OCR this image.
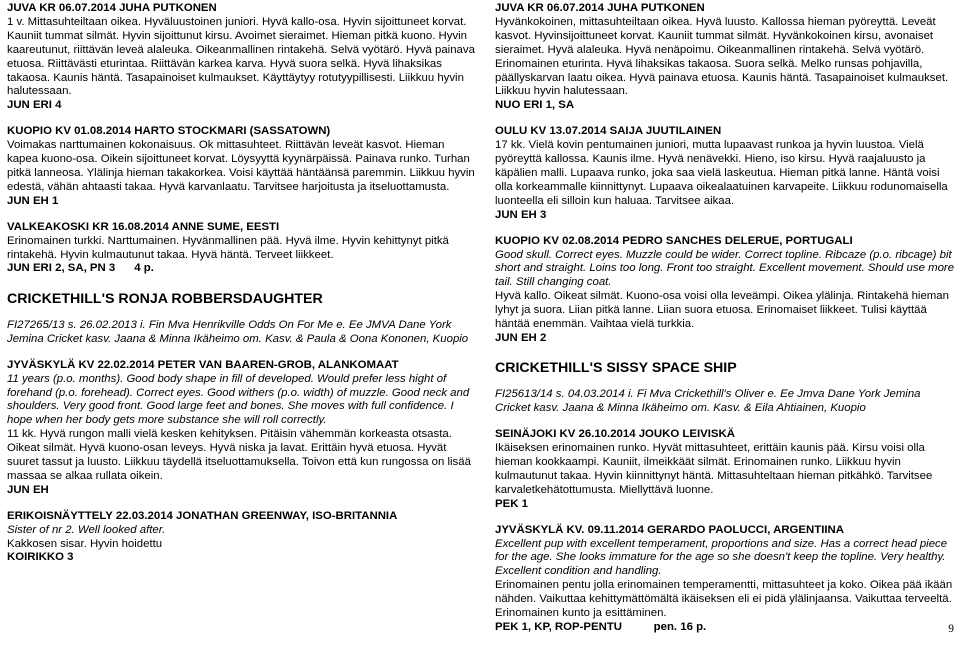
JUVA KR 06.07.2014 JUHA PUTKONEN

1 v. Mittasuhteiltaan oikea. Hyväluustoinen juniori. Hyvä kallo-osa. Hyvin sijoittuneet korvat. Kauniit tummat silmät. Hyvin sijoittunut kirsu. Avoimet sieraimet. Hieman pitkä kuono. Hyvin kaareutunut, riittävän leveä alaleuka. Oikeanmallinen rintakehä. Selvä vyötärö. Hyvä painava etuosa. Riittävästi eturintaa. Riittävän karkea karva. Hyvä suora selkä. Hyvä lihaksikas takaosa. Kaunis häntä. Tasapainoiset kulmaukset. Käyttäytyy rotutyypillisesti. Liikkuu hyvin halutessaan.

JUN ERI 4

KUOPIO KV 01.08.2014 HARTO STOCKMARI (SASSATOWN)

Voimakas narttumainen kokonaisuus. Ok mittasuhteet. Riittävän leveät kasvot. Hieman kapea kuono-osa. Oikein sijoittuneet korvat. Löysyyttä kyynärpäissä. Painava runko. Turhan pitkä lanneosa. Ylälinja hieman takakorkea. Voisi käyttää häntäänsä paremmin. Liikkuu hyvin edestä, vähän ahtaasti takaa. Hyvä karvanlaatu. Tarvitsee harjoitusta ja itseluottamusta.

JUN EH 1

VALKEAKOSKI KR 16.08.2014 ANNE SUME, EESTI

Erinomainen turkki. Narttumainen. Hyvänmallinen pää. Hyvä ilme. Hyvin kehittynyt pitkä rintakehä. Hyvin kulmautunut takaa. Hyvä häntä. Terveet liikkeet.

JUN ERI 2, SA, PN 3      4 p.

CRICKETHILL'S RONJA ROBBERSDAUGHTER

FI27265/13 s. 26.02.2013 i. Fin Mva Henrikville Odds On For Me e. Ee JMVA Dane York Jemina Cricket kasv. Jaana & Minna Ikäheimo om. Kasv. & Paula & Oona Kononen, Kuopio

JYVÄSKYLÄ KV 22.02.2014 PETER VAN BAAREN-GROB, ALANKOMAAT

11 years (p.o. months). Good body shape in fill of developed. Would prefer less hight of forehand (p.o. forehead). Correct eyes. Good withers (p.o. width) of muzzle. Good neck and shoulders. Very good front. Good large feet and bones. She moves with full confidence. I hope when her body gets more substance she will roll correctly.

11 kk. Hyvä rungon malli vielä kesken kehityksen. Pitäisin vähemmän korkeasta otsasta. Oikeat silmät. Hyvä kuono-osan leveys. Hyvä niska ja lavat. Erittäin hyvä etuosa. Hyvät suuret tassut ja luusto. Liikkuu täydellä itseluottamuksella. Toivon että kun rungossa on lisää massaa se alkaa rullata oikein.

JUN EH

ERIKOISNÄYTTELY 22.03.2014 JONATHAN GREENWAY, ISO-BRITANNIA

Sister of nr 2. Well looked after.

Kakkosen sisar. Hyvin hoidettu

KOIRIKKO 3

JUVA KR 06.07.2014 JUHA PUTKONEN

Hyvänkokoinen, mittasuhteiltaan oikea. Hyvä luusto. Kallossa hieman pyöreyttä. Leveät kasvot. Hyvinsijoittuneet korvat. Kauniit tummat silmät. Hyvänkokoinen kirsu, avonaiset sieraimet. Hyvä alaleuka. Hyvä nenäpoimu. Oikeanmallinen rintakehä. Selvä vyötärö. Erinomainen eturinta. Hyvä lihaksikas takaosa. Suora selkä. Melko runsas pohjavilla, päällyskarvan laatu oikea. Hyvä painava etuosa. Kaunis häntä. Tasapainoiset kulmaukset. Liikkuu hyvin halutessaan.

NUO ERI 1, SA

OULU KV 13.07.2014 SAIJA JUUTILAINEN

17 kk. Vielä kovin pentumainen juniori, mutta lupaavast runkoa ja hyvin luustoa. Vielä pyöreyttä kallossa. Kaunis ilme. Hyvä nenävekki. Hieno, iso kirsu. Hyvä raajaluusto ja käpälien malli. Lupaava runko, joka saa vielä laskeutua. Hieman pitkä lanne. Häntä voisi olla korkeammalle kiinnittynyt. Lupaava oikealaatuinen karvapeite. Liikkuu rodunomaisella luonteella eli silloin kun haluaa. Tarvitsee aikaa.

JUN EH 3

KUOPIO KV 02.08.2014 PEDRO SANCHES DELERUE, PORTUGALI

Good skull. Correct eyes. Muzzle could be wider. Correct topline. Ribcaze (p.o. ribcage) bit short and straight. Loins too long. Front too straight. Excellent movement. Should use more tail. Still changing coat.

Hyvä kallo. Oikeat silmät. Kuono-osa voisi olla leveämpi. Oikea ylälinja. Rintakehä hieman lyhyt ja suora. Liian pitkä lanne. Liian suora etuosa. Erinomaiset liikkeet. Tulisi käyttää häntää enemmän. Vaihtaa vielä turkkia.

JUN EH 2

CRICKETHILL'S SISSY SPACE SHIP

FI25613/14 s. 04.03.2014 i. Fi Mva Crickethill's Oliver e. Ee Jmva Dane York Jemina Cricket kasv. Jaana & Minna Ikäheimo om. Kasv. & Eila Ahtiainen, Kuopio

SEINÄJOKI KV 26.10.2014 JOUKO LEIVISKÄ

Ikäiseksen erinomainen runko. Hyvät mittasuhteet, erittäin kaunis pää. Kirsu voisi olla hieman kookkaampi. Kauniit, ilmeikkäät silmät. Erinomainen runko. Liikkuu hyvin kulmautunut takaa. Hyvin kiinnittynyt häntä. Mittasuhteltaan hieman pitkähkö. Tarvitsee karvaletkehätottumusta. Miellyttävä luonne.

PEK 1

JYVÄSKYLÄ KV. 09.11.2014 GERARDO PAOLUCCI, ARGENTIINA

Excellent pup with excellent temperament, proportions and size. Has a correct head piece for the age. She looks immature for the age so she doesn't keep the topline. Very healthy. Excellent condition and handling.

Erinomainen pentu jolla erinomainen temperamentti, mittasuhteet ja koko. Oikea pää ikään nähden. Vaikuttaa kehittymättömältä ikäiseksen eli ei pidä ylälinjaansa. Vaikuttaa terveeltä. Erinomainen kunto ja esittäminen.

PEK 1, KP, ROP-PENTU          pen. 16 p.	9
